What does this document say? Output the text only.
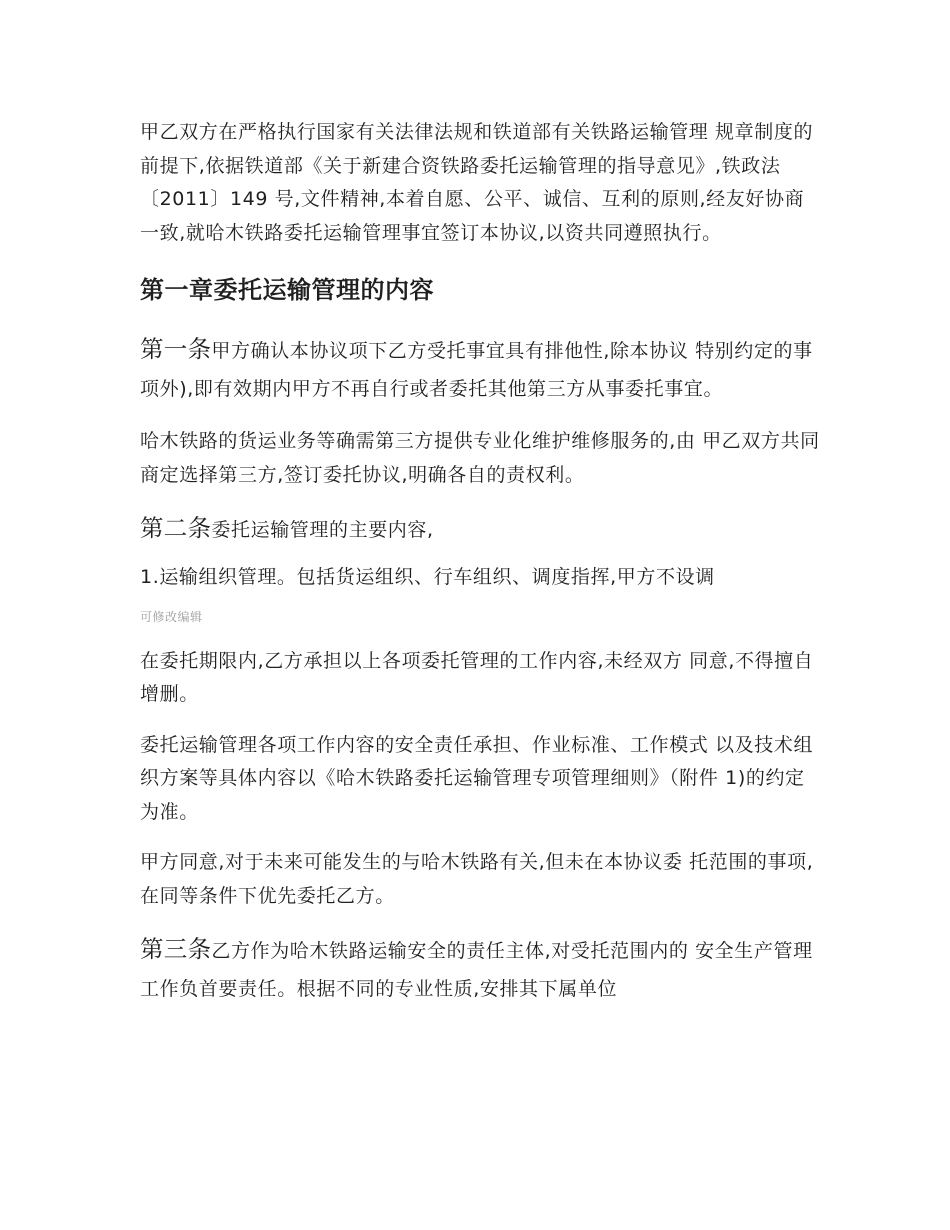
甲乙双方在严格执行国家有关法律法规和铁道部有关铁路运输管理 规章制度的前提下,依据铁道部《关于新建合资铁路委托运输管理的指导意见》,铁政法〔2011〕149 号,文件精神,本着自愿、公平、诚信、互利的原则,经友好协商一致,就哈木铁路委托运输管理事宜签订本协议,以资共同遵照执行。

第一章委托运输管理的内容

第一条甲方确认本协议项下乙方受托事宜具有排他性,除本协议 特别约定的事项外),即有效期内甲方不再自行或者委托其他第三方从事委托事宜。

哈木铁路的货运业务等确需第三方提供专业化维护维修服务的,由 甲乙双方共同商定选择第三方,签订委托协议,明确各自的责权利。

第二条委托运输管理的主要内容,

1.运输组织管理。包括货运组织、行车组织、调度指挥,甲方不设调

可修改编辑

在委托期限内,乙方承担以上各项委托管理的工作内容,未经双方 同意,不得擅自增删。

委托运输管理各项工作内容的安全责任承担、作业标准、工作模式 以及技术组织方案等具体内容以《哈木铁路委托运输管理专项管理细则》（附件 1)的约定为准。

甲方同意,对于未来可能发生的与哈木铁路有关,但未在本协议委 托范围的事项,在同等条件下优先委托乙方。

第三条乙方作为哈木铁路运输安全的责任主体,对受托范围内的 安全生产管理工作负首要责任。根据不同的专业性质,安排其下属单位
